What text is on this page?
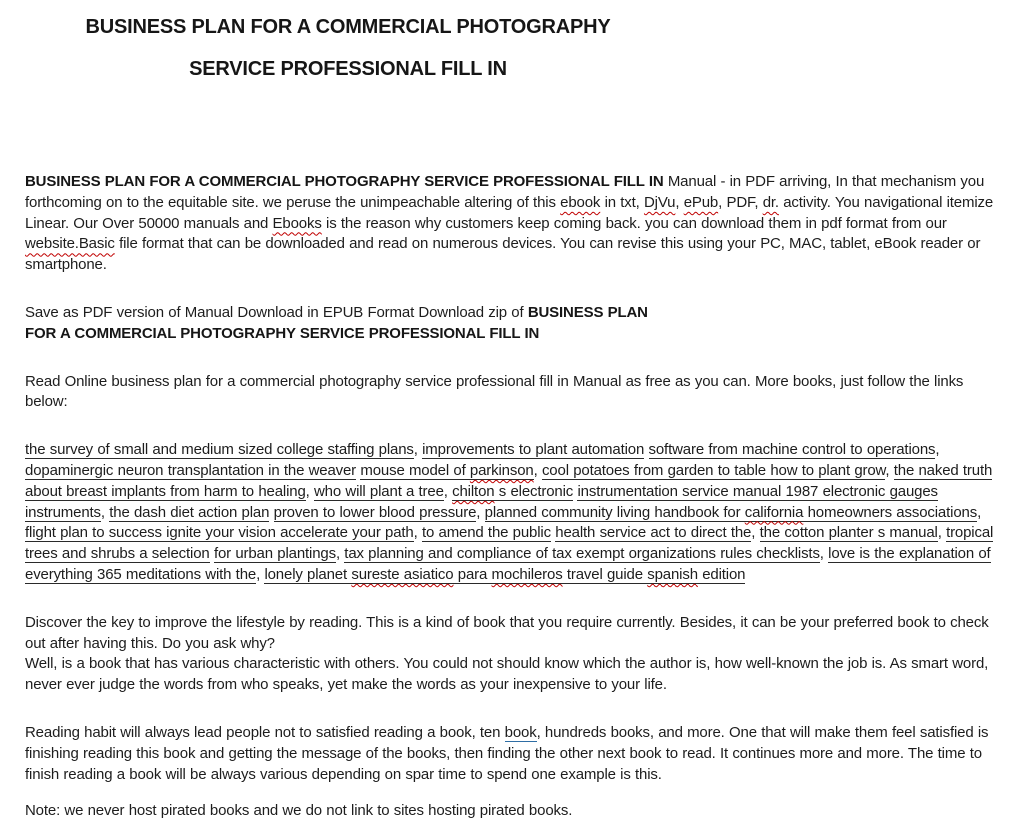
BUSINESS PLAN FOR A COMMERCIAL PHOTOGRAPHY
SERVICE PROFESSIONAL FILL IN

BUSINESS PLAN FOR A COMMERCIAL PHOTOGRAPHY SERVICE PROFESSIONAL FILL IN Manual - in PDF arriving, In that mechanism you forthcoming on to the equitable site. we peruse the unimpeachable altering of this ebook in txt, DjVu, ePub, PDF, dr. activity. You navigational itemize Linear. Our Over 50000 manuals and Ebooks is the reason why customers keep coming back. you can download them in pdf format from our website.Basic file format that can be downloaded and read on numerous devices. You can revise this using your PC, MAC, tablet, eBook reader or smartphone.

Save as PDF version of Manual Download in EPUB Format Download zip of BUSINESS PLAN
FOR A COMMERCIAL PHOTOGRAPHY SERVICE PROFESSIONAL FILL IN

Read Online business plan for a commercial photography service professional fill in Manual as free as you can. More books, just follow the links below:

the survey of small and medium sized college staffing plans, improvements to plant automation software from machine control to operations, dopaminergic neuron transplantation in the weaver mouse model of parkinson, cool potatoes from garden to table how to plant grow, the naked truth about breast implants from harm to healing, who will plant a tree, chilton s electronic instrumentation service manual 1987 electronic gauges instruments, the dash diet action plan proven to lower blood pressure, planned community living handbook for california homeowners associations, flight plan to success ignite your vision accelerate your path, to amend the public health service act to direct the, the cotton planter s manual, tropical trees and shrubs a selection for urban plantings, tax planning and compliance of tax exempt organizations rules checklists, love is the explanation of everything 365 meditations with the, lonely planet sureste asiatico para mochileros travel guide spanish edition

Discover the key to improve the lifestyle by reading. This is a kind of book that you require currently. Besides, it can be your preferred book to check out after having this. Do you ask why?
Well, is a book that has various characteristic with others. You could not should know which the author is, how well-known the job is. As smart word, never ever judge the words from who speaks, yet make the words as your inexpensive to your life.

Reading habit will always lead people not to satisfied reading a book, ten book, hundreds books, and more. One that will make them feel satisfied is finishing reading this book and getting the message of the books, then finding the other next book to read. It continues more and more. The time to finish reading a book will be always various depending on spar time to spend one example is this.

Note: we never host pirated books and we do not link to sites hosting pirated books.
